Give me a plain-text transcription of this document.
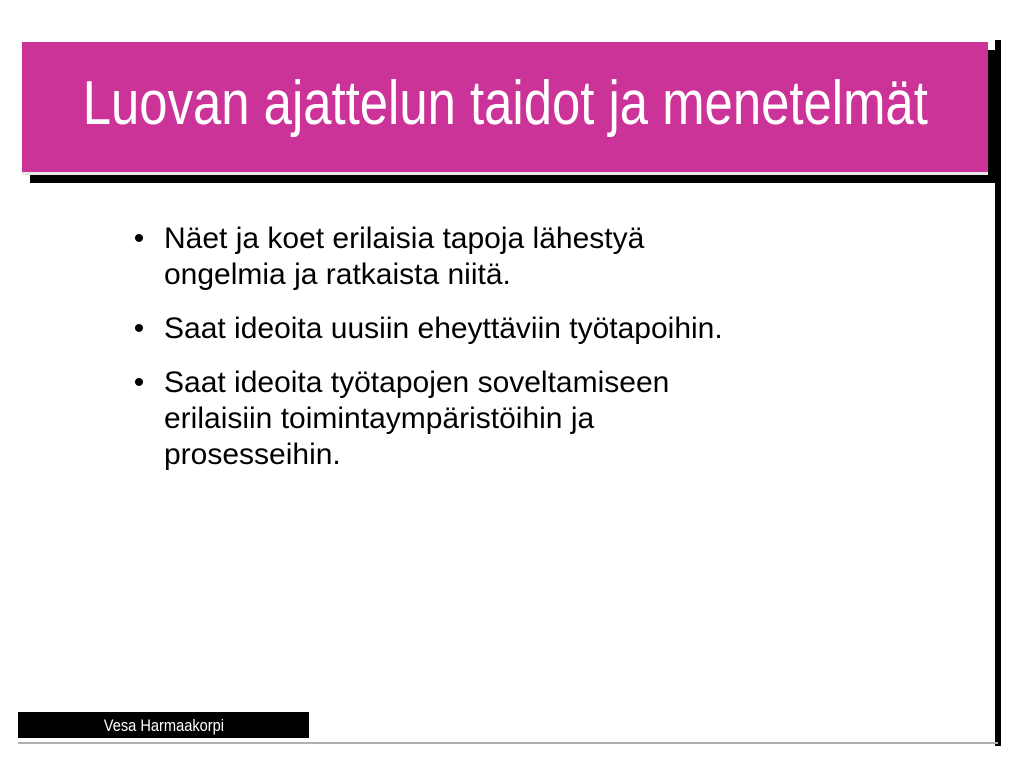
Luovan ajattelun taidot ja menetelmät
• Näet ja koet erilaisia tapoja lähestyä
ongelmia ja ratkaista niitä.
• Saat ideoita uusiin eheyttäviin työtapoihin.
• Saat ideoita työtapojen soveltamiseen
erilaisiin toimintaympäristöihin ja
prosesseihin.
Vesa Harmaakorpi
